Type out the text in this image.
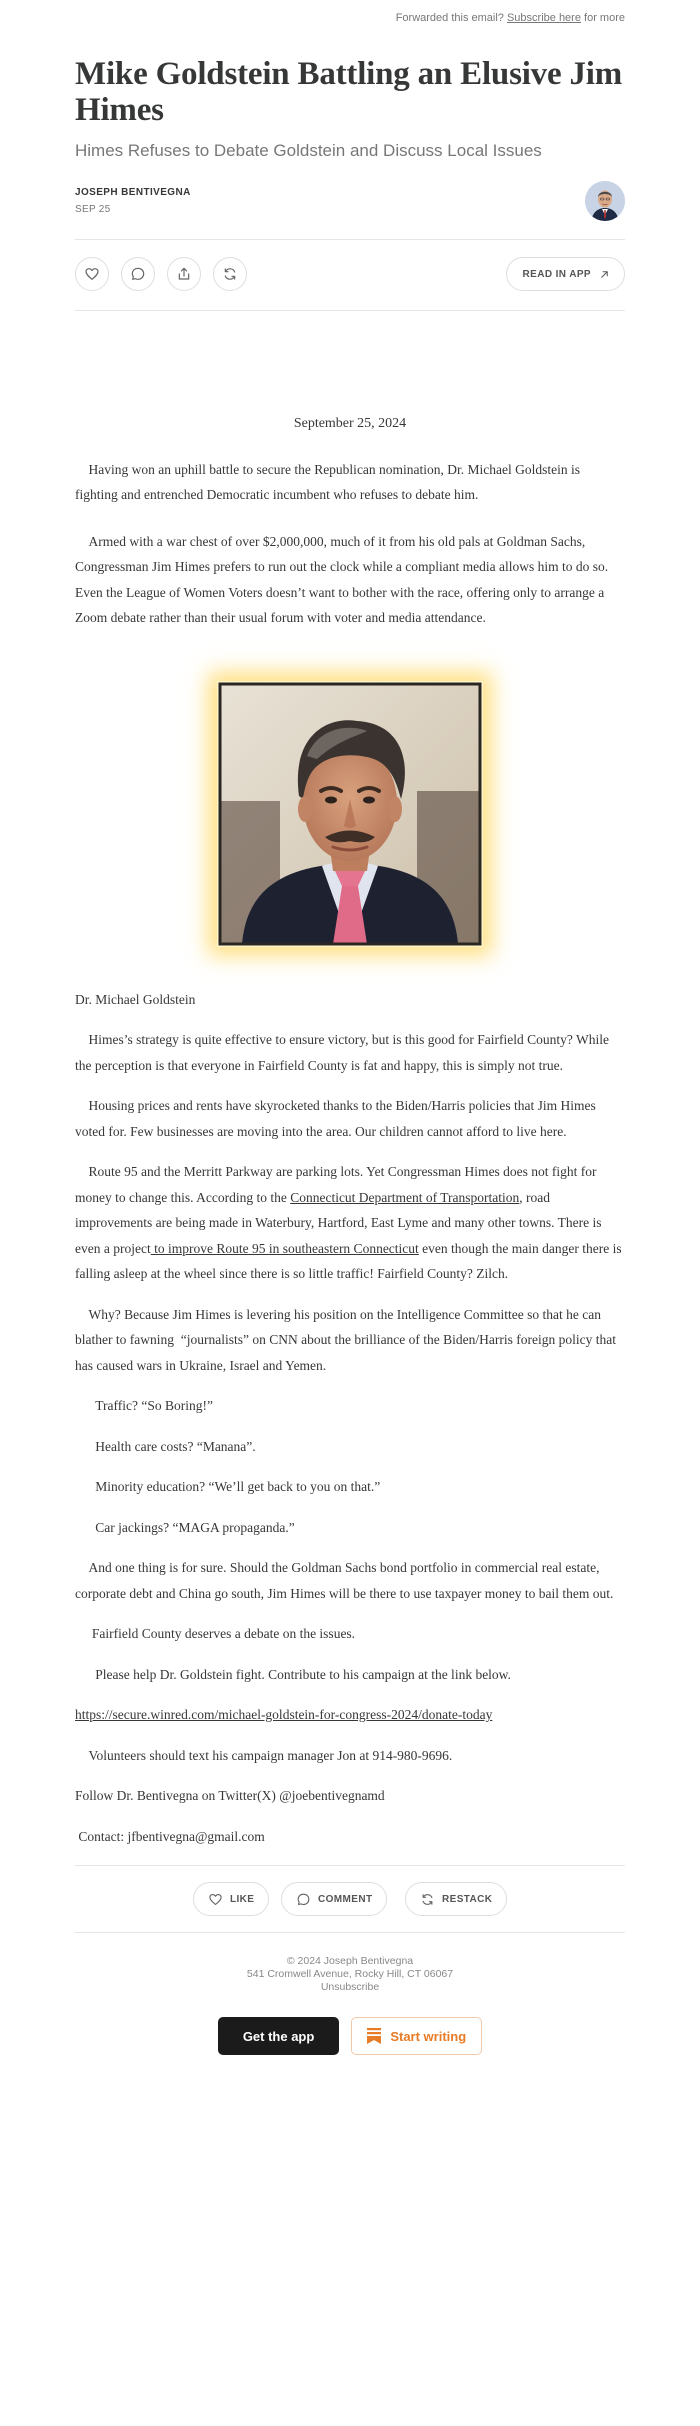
Forwarded this email? Subscribe here for more
Mike Goldstein Battling an Elusive Jim Himes
Himes Refuses to Debate Goldstein and Discuss Local Issues
JOSEPH BENTIVEGNA
SEP 25
READ IN APP
September 25, 2024

Having won an uphill battle to secure the Republican nomination, Dr. Michael Goldstein is fighting and entrenched Democratic incumbent who refuses to debate him.

Armed with a war chest of over $2,000,000, much of it from his old pals at Goldman Sachs, Congressman Jim Himes prefers to run out the clock while a compliant media allows him to do so. Even the League of Women Voters doesn’t want to bother with the race, offering only to arrange a Zoom debate rather than their usual forum with voter and media attendance.

Dr. Michael Goldstein

Himes’s strategy is quite effective to ensure victory, but is this good for Fairfield County? While the perception is that everyone in Fairfield County is fat and happy, this is simply not true.

Housing prices and rents have skyrocketed thanks to the Biden/Harris policies that Jim Himes voted for. Few businesses are moving into the area. Our children cannot afford to live here.

Route 95 and the Merritt Parkway are parking lots. Yet Congressman Himes does not fight for money to change this. According to the Connecticut Department of Transportation, road improvements are being made in Waterbury, Hartford, East Lyme and many other towns. There is even a project to improve Route 95 in southeastern Connecticut even though the main danger there is falling asleep at the wheel since there is so little traffic! Fairfield County? Zilch.

Why? Because Jim Himes is levering his position on the Intelligence Committee so that he can blather to fawning  “journalists” on CNN about the brilliance of the Biden/Harris foreign policy that has caused wars in Ukraine, Israel and Yemen.

Traffic? “So Boring!”

Health care costs? “Manana”.

Minority education? “We’ll get back to you on that.”

Car jackings? “MAGA propaganda.”

And one thing is for sure. Should the Goldman Sachs bond portfolio in commercial real estate, corporate debt and China go south, Jim Himes will be there to use taxpayer money to bail them out.

Fairfield County deserves a debate on the issues.

Please help Dr. Goldstein fight. Contribute to his campaign at the link below.

https://secure.winred.com/michael-goldstein-for-congress-2024/donate-today

Volunteers should text his campaign manager Jon at 914-980-9696.

Follow Dr. Bentivegna on Twitter(X) @joebentivegnamd

Contact: jfbentivegna@gmail.com

LIKE	COMMENT	RESTACK
© 2024 Joseph Bentivegna
541 Cromwell Avenue, Rocky Hill, CT 06067
Unsubscribe
Get the app	Start writing
